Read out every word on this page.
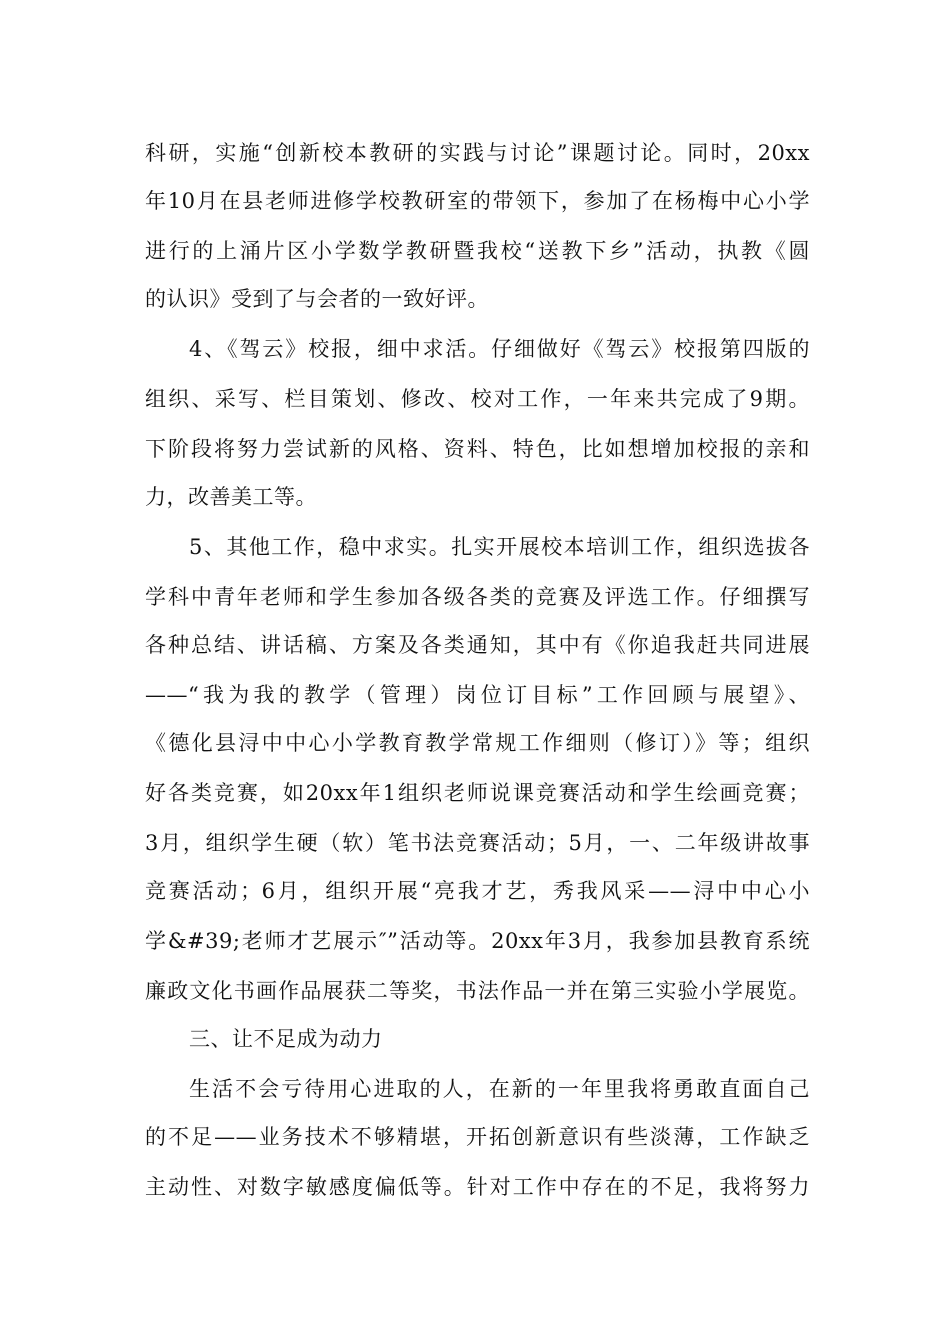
科研，实施“创新校本教研的实践与讨论”课题讨论。同时，20xx
年10月在县老师进修学校教研室的带领下，参加了在杨梅中心小学
进行的上涌片区小学数学教研暨我校“送教下乡”活动，执教《圆
的认识》受到了与会者的一致好评。
4、《驾云》校报，细中求活。仔细做好《驾云》校报第四版的
组织、采写、栏目策划、修改、校对工作，一年来共完成了9期。
下阶段将努力尝试新的风格、资料、特色，比如想增加校报的亲和
力，改善美工等。
5、其他工作，稳中求实。扎实开展校本培训工作，组织选拔各
学科中青年老师和学生参加各级各类的竞赛及评选工作。仔细撰写
各种总结、讲话稿、方案及各类通知，其中有《你追我赶共同进展
——“我为我的教学（管理）岗位订目标”工作回顾与展望》、
《德化县浔中中心小学教育教学常规工作细则（修订）》等；组织
好各类竞赛，如20xx年1组织老师说课竞赛活动和学生绘画竞赛；
3月，组织学生硬（软）笔书法竞赛活动；5月，一、二年级讲故事
竞赛活动；6月，组织开展“亮我才艺，秀我风采——浔中中心小
学&#39;老师才艺展示″”活动等。20xx年3月，我参加县教育系统
廉政文化书画作品展获二等奖，书法作品一并在第三实验小学展览。
三、让不足成为动力
生活不会亏待用心进取的人，在新的一年里我将勇敢直面自己
的不足——业务技术不够精堪，开拓创新意识有些淡薄，工作缺乏
主动性、对数字敏感度偏低等。针对工作中存在的不足，我将努力
